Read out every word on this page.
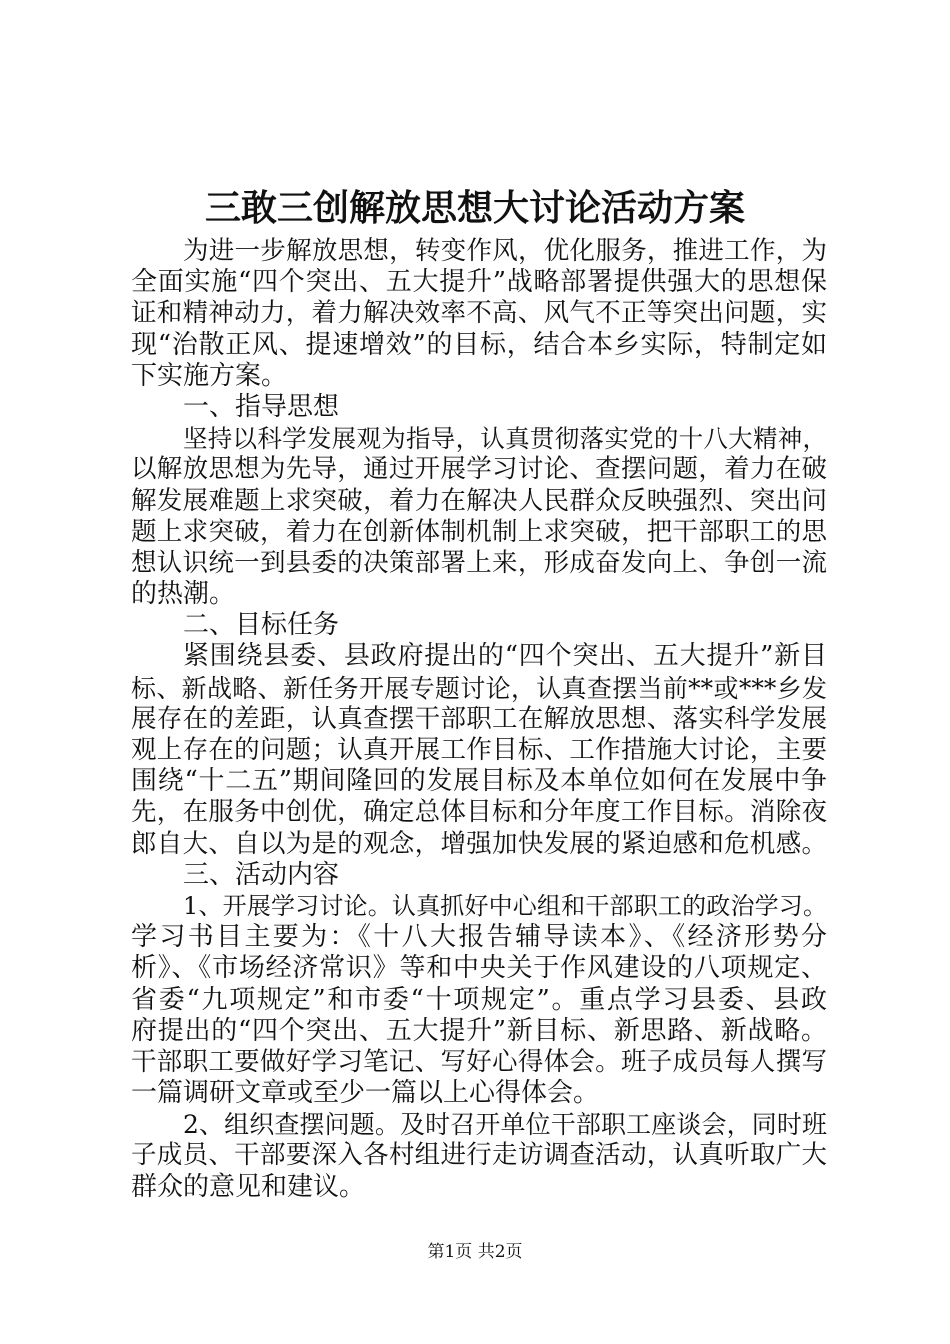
三敢三创解放思想大讨论活动方案
为进一步解放思想，转变作风，优化服务，推进工作，为
全面实施“四个突出、五大提升”战略部署提供强大的思想保
证和精神动力，着力解决效率不高、风气不正等突出问题，实
现“治散正风、提速增效”的目标，结合本乡实际，特制定如
下实施方案。
一、指导思想
坚持以科学发展观为指导，认真贯彻落实党的十八大精神，
以解放思想为先导，通过开展学习讨论、查摆问题，着力在破
解发展难题上求突破，着力在解决人民群众反映强烈、突出问
题上求突破，着力在创新体制机制上求突破，把干部职工的思
想认识统一到县委的决策部署上来，形成奋发向上、争创一流
的热潮。
二、目标任务
紧围绕县委、县政府提出的“四个突出、五大提升”新目
标、新战略、新任务开展专题讨论，认真查摆当前**或***乡发
展存在的差距，认真查摆干部职工在解放思想、落实科学发展
观上存在的问题；认真开展工作目标、工作措施大讨论，主要
围绕“十二五”期间隆回的发展目标及本单位如何在发展中争
先，在服务中创优，确定总体目标和分年度工作目标。消除夜
郎自大、自以为是的观念，增强加快发展的紧迫感和危机感。
三、活动内容
1、开展学习讨论。认真抓好中心组和干部职工的政治学习。
学习书目主要为：《十八大报告辅导读本》、《经济形势分
析》、《市场经济常识》等和中央关于作风建设的八项规定、
省委“九项规定”和市委“十项规定”。重点学习县委、县政
府提出的“四个突出、五大提升”新目标、新思路、新战略。
干部职工要做好学习笔记、写好心得体会。班子成员每人撰写
一篇调研文章或至少一篇以上心得体会。
2、组织查摆问题。及时召开单位干部职工座谈会，同时班
子成员、干部要深入各村组进行走访调查活动，认真听取广大
群众的意见和建议。
第1页 共2页
